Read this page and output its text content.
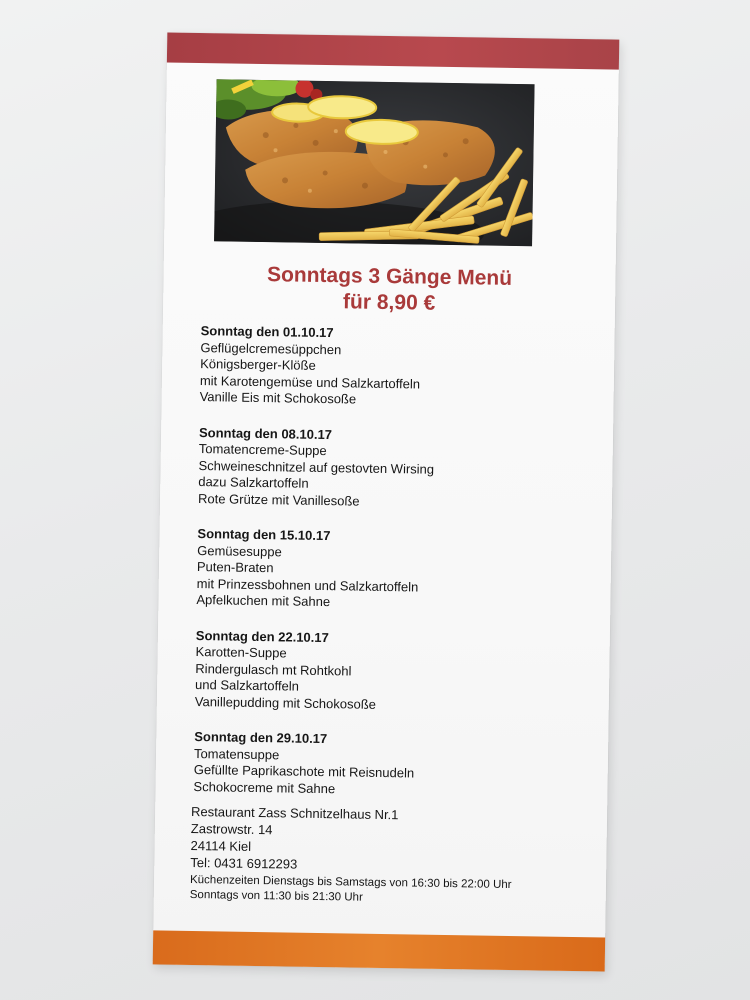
Sonntags 3 Gänge Menü
für 8,90 €
Sonntag den 01.10.17
Geflügelcremesüppchen
Königsberger-Klöße
mit Karotengemüse und Salzkartoffeln
Vanille Eis mit Schokosoße
Sonntag den 08.10.17
Tomatencreme-Suppe
Schweineschnitzel auf gestovten Wirsing
dazu Salzkartoffeln
Rote Grütze mit Vanillesoße
Sonntag den 15.10.17
Gemüsesuppe
Puten-Braten
mit Prinzessbohnen und Salzkartoffeln
Apfelkuchen mit Sahne
Sonntag den 22.10.17
Karotten-Suppe
Rindergulasch mt Rohtkohl
und Salzkartoffeln
Vanillepudding mit Schokosoße
Sonntag den 29.10.17
Tomatensuppe
Gefüllte Paprikaschote mit Reisnudeln
Schokocreme mit Sahne
Restaurant Zass Schnitzelhaus Nr.1
Zastrowstr. 14
24114 Kiel
Tel: 0431 6912293
Küchenzeiten Dienstags bis Samstags von 16:30 bis 22:00 Uhr
Sonntags von 11:30 bis 21:30 Uhr
